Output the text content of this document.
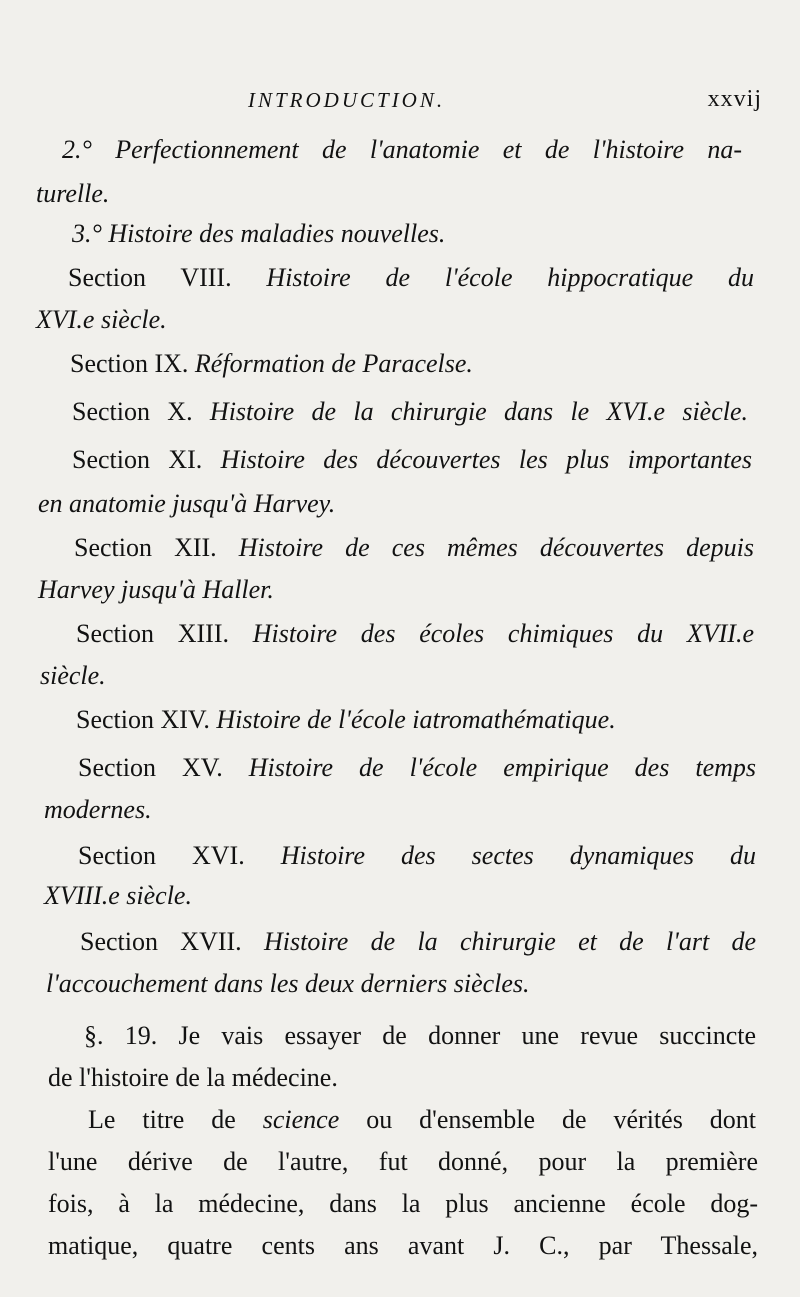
INTRODUCTION.	xxvij
2.° Perfectionnement de l'anatomie et de l'histoire na-
turelle.
3.° Histoire des maladies nouvelles.
Section VIII. Histoire de l'école hippocratique du
XVI.e siècle.
Section IX. Réformation de Paracelse.
Section X. Histoire de la chirurgie dans le XVI.e siècle.
Section XI. Histoire des découvertes les plus importantes
en anatomie jusqu'à Harvey.
Section XII. Histoire de ces mêmes découvertes depuis
Harvey jusqu'à Haller.
Section XIII. Histoire des écoles chimiques du XVII.e
siècle.
Section XIV. Histoire de l'école iatromathématique.
Section XV. Histoire de l'école empirique des temps
modernes.
Section XVI. Histoire des sectes dynamiques du
XVIII.e siècle.
Section XVII. Histoire de la chirurgie et de l'art de
l'accouchement dans les deux derniers siècles.
§. 19. Je vais essayer de donner une revue succincte
de l'histoire de la médecine.
Le titre de science ou d'ensemble de vérités dont
l'une dérive de l'autre, fut donné, pour la première
fois, à la médecine, dans la plus ancienne école dog-
matique, quatre cents ans avant J. C., par Thessale,
